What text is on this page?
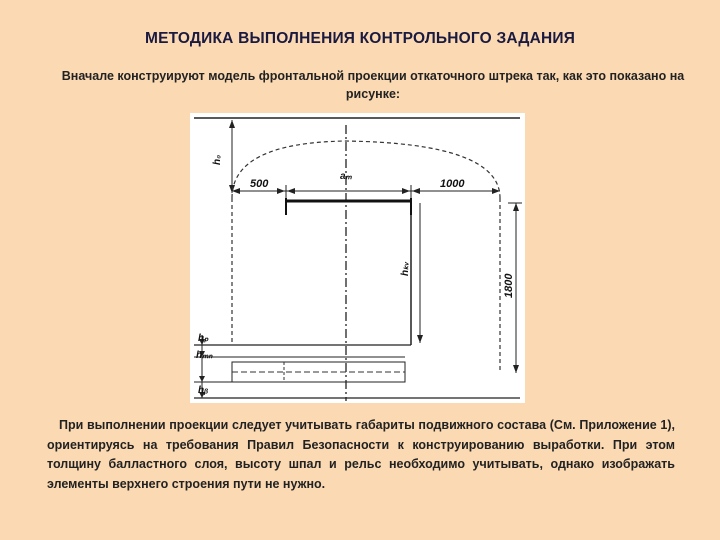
МЕТОДИКА ВЫПОЛНЕНИЯ КОНТРОЛЬНОГО ЗАДАНИЯ
Вначале конструируют модель фронтальной проекции откаточного штрека так, как это показано на рисунке:
h₀
500
aₘ
1000
hₖᵥ
1800
hₚ
hₘₙ
hᵦ
При выполнении проекции следует учитывать габариты подвижного состава (См. Приложение 1), ориентируясь на требования Правил Безопасности к конструированию выработки. При этом толщину балластного слоя, высоту шпал и рельс необходимо учитывать, однако изображать элементы верхнего строения пути не нужно.
